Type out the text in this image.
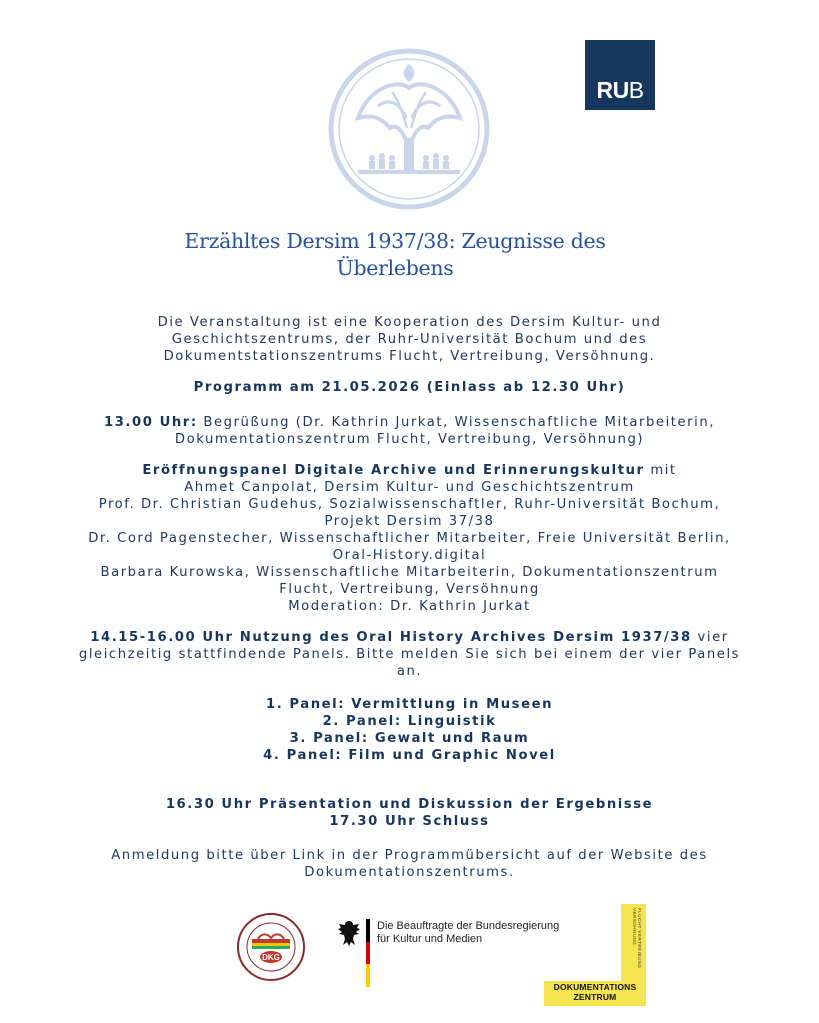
RU B
Erzähltes Dersim 1937/38: Zeugnisse des
Überlebens
Die Veranstaltung ist eine Kooperation des Dersim Kultur- und
Geschichtszentrums, der Ruhr-Universität Bochum und des
Dokumentstationszentrums Flucht, Vertreibung, Versöhnung.
Programm am 21.05.2026 (Einlass ab 12.30 Uhr)
13.00 Uhr: Begrüßung (Dr. Kathrin Jurkat, Wissenschaftliche Mitarbeiterin,
Dokumentationszentrum Flucht, Vertreibung, Versöhnung)
Eröffnungspanel Digitale Archive und Erinnerungskultur mit
Ahmet Canpolat, Dersim Kultur- und Geschichtszentrum
Prof. Dr. Christian Gudehus, Sozialwissenschaftler, Ruhr-Universität Bochum,
Projekt Dersim 37/38
Dr. Cord Pagenstecher, Wissenschaftlicher Mitarbeiter, Freie Universität Berlin,
Oral-History.digital
Barbara Kurowska, Wissenschaftliche Mitarbeiterin, Dokumentationszentrum
Flucht, Vertreibung, Versöhnung
Moderation: Dr. Kathrin Jurkat
14.15-16.00 Uhr Nutzung des Oral History Archives Dersim 1937/38 vier
gleichzeitig stattfindende Panels. Bitte melden Sie sich bei einem der vier Panels
an.
1. Panel: Vermittlung in Museen
2. Panel: Linguistik
3. Panel: Gewalt und Raum
4. Panel: Film und Graphic Novel
16.30 Uhr Präsentation und Diskussion der Ergebnisse
17.30 Uhr Schluss
Anmeldung bitte über Link in der Programmübersicht auf der Website des
Dokumentationszentrums.
DKG
Die Beauftragte der Bundesregierung
für Kultur und Medien	FLUCHT VERTREIBUNG VERSÖHNUNG
DOKUMENTATIONS
ZENTRUM
